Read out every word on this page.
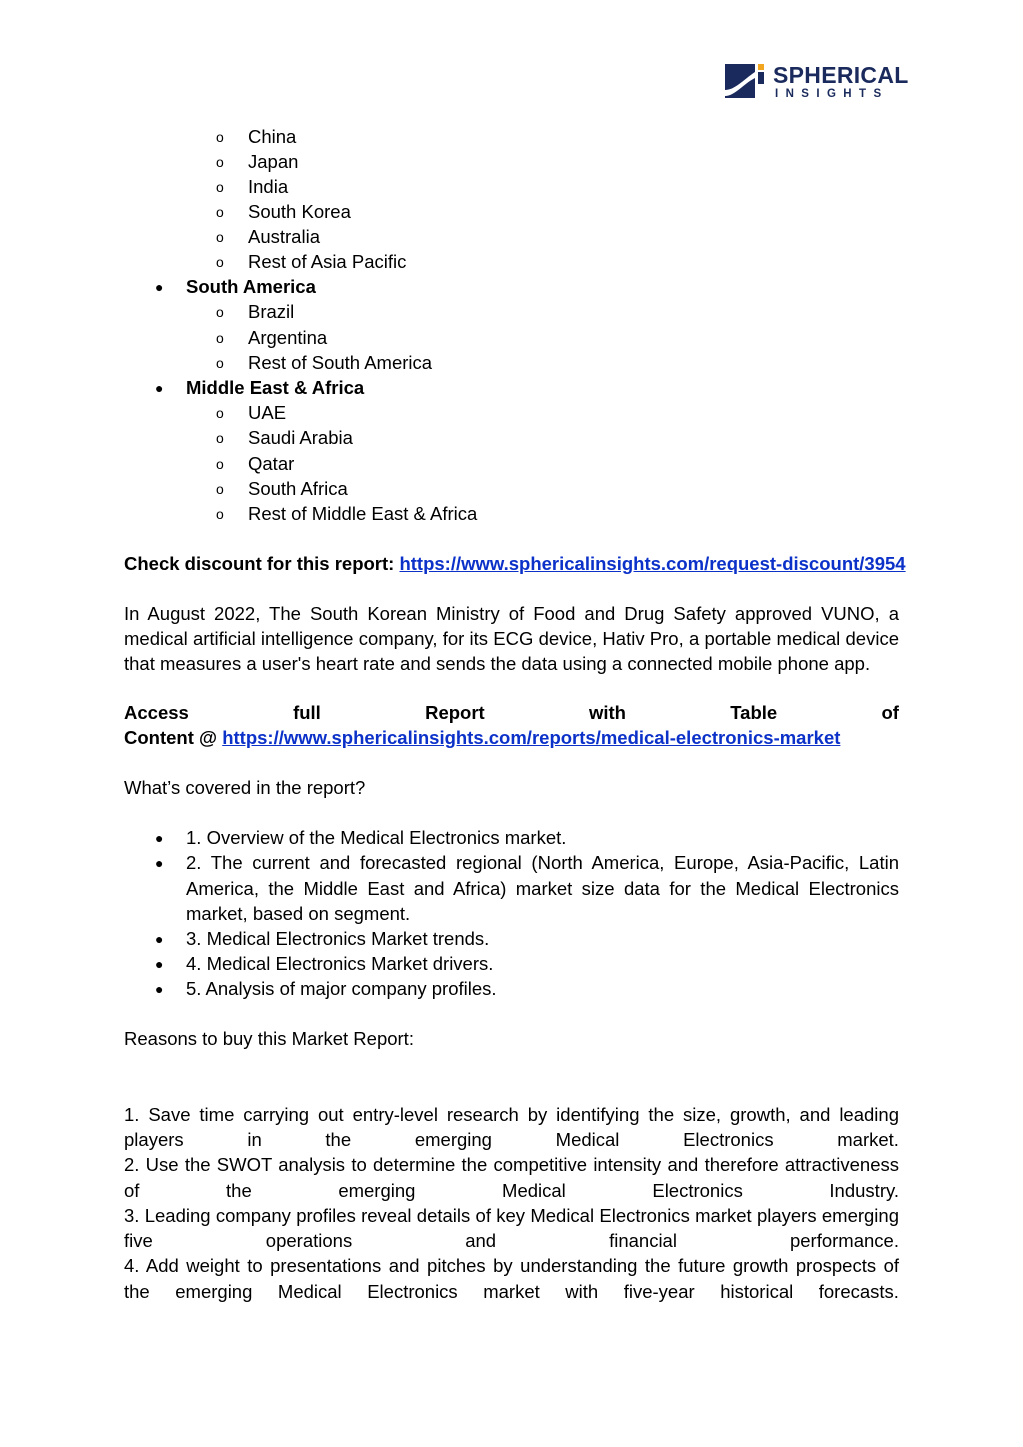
SPHERICAL
INSIGHTS
o China
o Japan
o India
o South Korea
o Australia
o Rest of Asia Pacific
● South America
o Brazil
o Argentina
o Rest of South America
● Middle East & Africa
o UAE
o Saudi Arabia
o Qatar
o South Africa
o Rest of Middle East & Africa
Check discount for this report: https://www.sphericalinsights.com/request-discount/3954
In August 2022, The South Korean Ministry of Food and Drug Safety approved VUNO, a
medical artificial intelligence company, for its ECG device, Hativ Pro, a portable medical device
that measures a user's heart rate and sends the data using a connected mobile phone app.
Access	full	Report	with	Table	of
Content @ https://www.sphericalinsights.com/reports/medical-electronics-market
What’s covered in the report?
● 1. Overview of the Medical Electronics market.
● 2. The current and forecasted regional (North America, Europe, Asia-Pacific, Latin
America, the Middle East and Africa) market size data for the Medical Electronics
market, based on segment.
● 3. Medical Electronics Market trends.
● 4. Medical Electronics Market drivers.
● 5. Analysis of major company profiles.
Reasons to buy this Market Report:
1. Save time carrying out entry-level research by identifying the size, growth, and leading
players	in	the	emerging	Medical	Electronics	market.
2. Use the SWOT analysis to determine the competitive intensity and therefore attractiveness
of	the	emerging	Medical	Electronics	Industry.
3. Leading company profiles reveal details of key Medical Electronics market players emerging
five	operations	and	financial	performance.
4. Add weight to presentations and pitches by understanding the future growth prospects of
the emerging Medical Electronics market with five-year historical forecasts.
